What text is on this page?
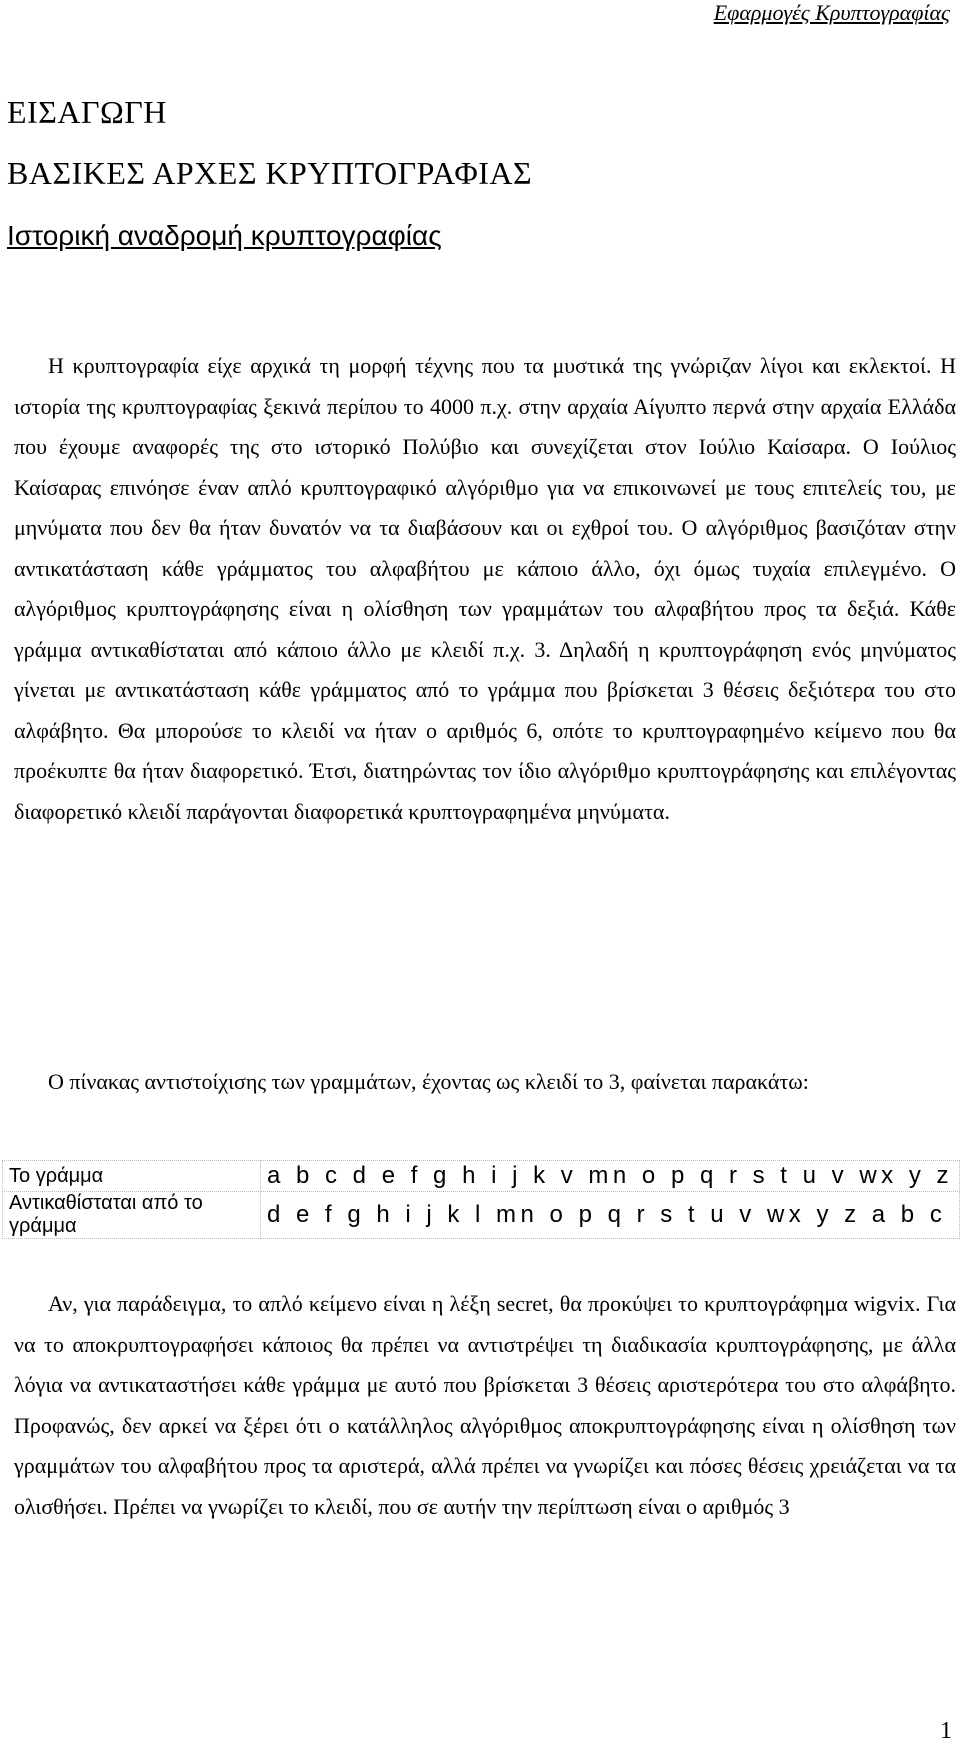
Εφαρμογές Κρυπτογραφίας
ΕΙΣΑΓΩΓΗ
ΒΑΣΙΚΕΣ ΑΡΧΕΣ ΚΡΥΠΤΟΓΡΑΦΙΑΣ
Ιστορική αναδρομή κρυπτογραφίας

Η κρυπτογραφία είχε αρχικά τη μορφή τέχνης που τα μυστικά της γνώριζαν λίγοι και εκλεκτοί. Η ιστορία της κρυπτογραφίας ξεκινά περίπου το 4000 π.χ. στην αρχαία Αίγυπτο περνά στην αρχαία Ελλάδα που έχουμε αναφορές της στο ιστορικό Πολύβιο και συνεχίζεται στον Ιούλιο Καίσαρα. Ο Ιούλιος Καίσαρας επινόησε έναν απλό κρυπτογραφικό αλγόριθμο για να επικοινωνεί με τους επιτελείς του, με μηνύματα που δεν θα ήταν δυνατόν να τα διαβάσουν και οι εχθροί του. Ο αλγόριθμος βασιζόταν στην αντικατάσταση κάθε γράμματος του αλφαβήτου με κάποιο άλλο, όχι όμως τυχαία επιλεγμένο. Ο αλγόριθμος κρυπτογράφησης είναι η ολίσθηση των γραμμάτων του αλφαβήτου προς τα δεξιά. Κάθε γράμμα αντικαθίσταται από κάποιο άλλο με κλειδί π.χ. 3. Δηλαδή η κρυπτογράφηση ενός μηνύματος γίνεται με αντικατάσταση κάθε γράμματος από το γράμμα που βρίσκεται 3 θέσεις δεξιότερα του στο αλφάβητο. Θα μπορούσε το κλειδί να ήταν ο αριθμός 6, οπότε το κρυπτογραφημένο κείμενο που θα προέκυπτε θα ήταν διαφορετικό. Έτσι, διατηρώντας τον ίδιο αλγόριθμο κρυπτογράφησης και επιλέγοντας διαφορετικό κλειδί παράγονται διαφορετικά κρυπτογραφημένα μηνύματα.

Ο πίνακας αντιστοίχισης των γραμμάτων, έχοντας ως κλειδί το 3, φαίνεται παρακάτω:

Το γράμμα	a b c d e f g h i j k v mn o p q r s t u v wx y z
Αντικαθίσταται από το γράμμα	d e f g h i j k l mn o p q r s t u v wx y z a b c

Αν, για παράδειγμα, το απλό κείμενο είναι η λέξη secret, θα προκύψει το κρυπτογράφημα wigvix. Για να το αποκρυπτογραφήσει κάποιος θα πρέπει να αντιστρέψει τη διαδικασία κρυπτογράφησης, με άλλα λόγια να αντικαταστήσει κάθε γράμμα με αυτό που βρίσκεται 3 θέσεις αριστερότερα του στο αλφάβητο. Προφανώς, δεν αρκεί να ξέρει ότι ο κατάλληλος αλγόριθμος αποκρυπτογράφησης είναι η ολίσθηση των γραμμάτων του αλφαβήτου προς τα αριστερά, αλλά πρέπει να γνωρίζει και πόσες θέσεις χρειάζεται να τα ολισθήσει. Πρέπει να γνωρίζει το κλειδί, που σε αυτήν την περίπτωση είναι ο αριθμός 3

1
